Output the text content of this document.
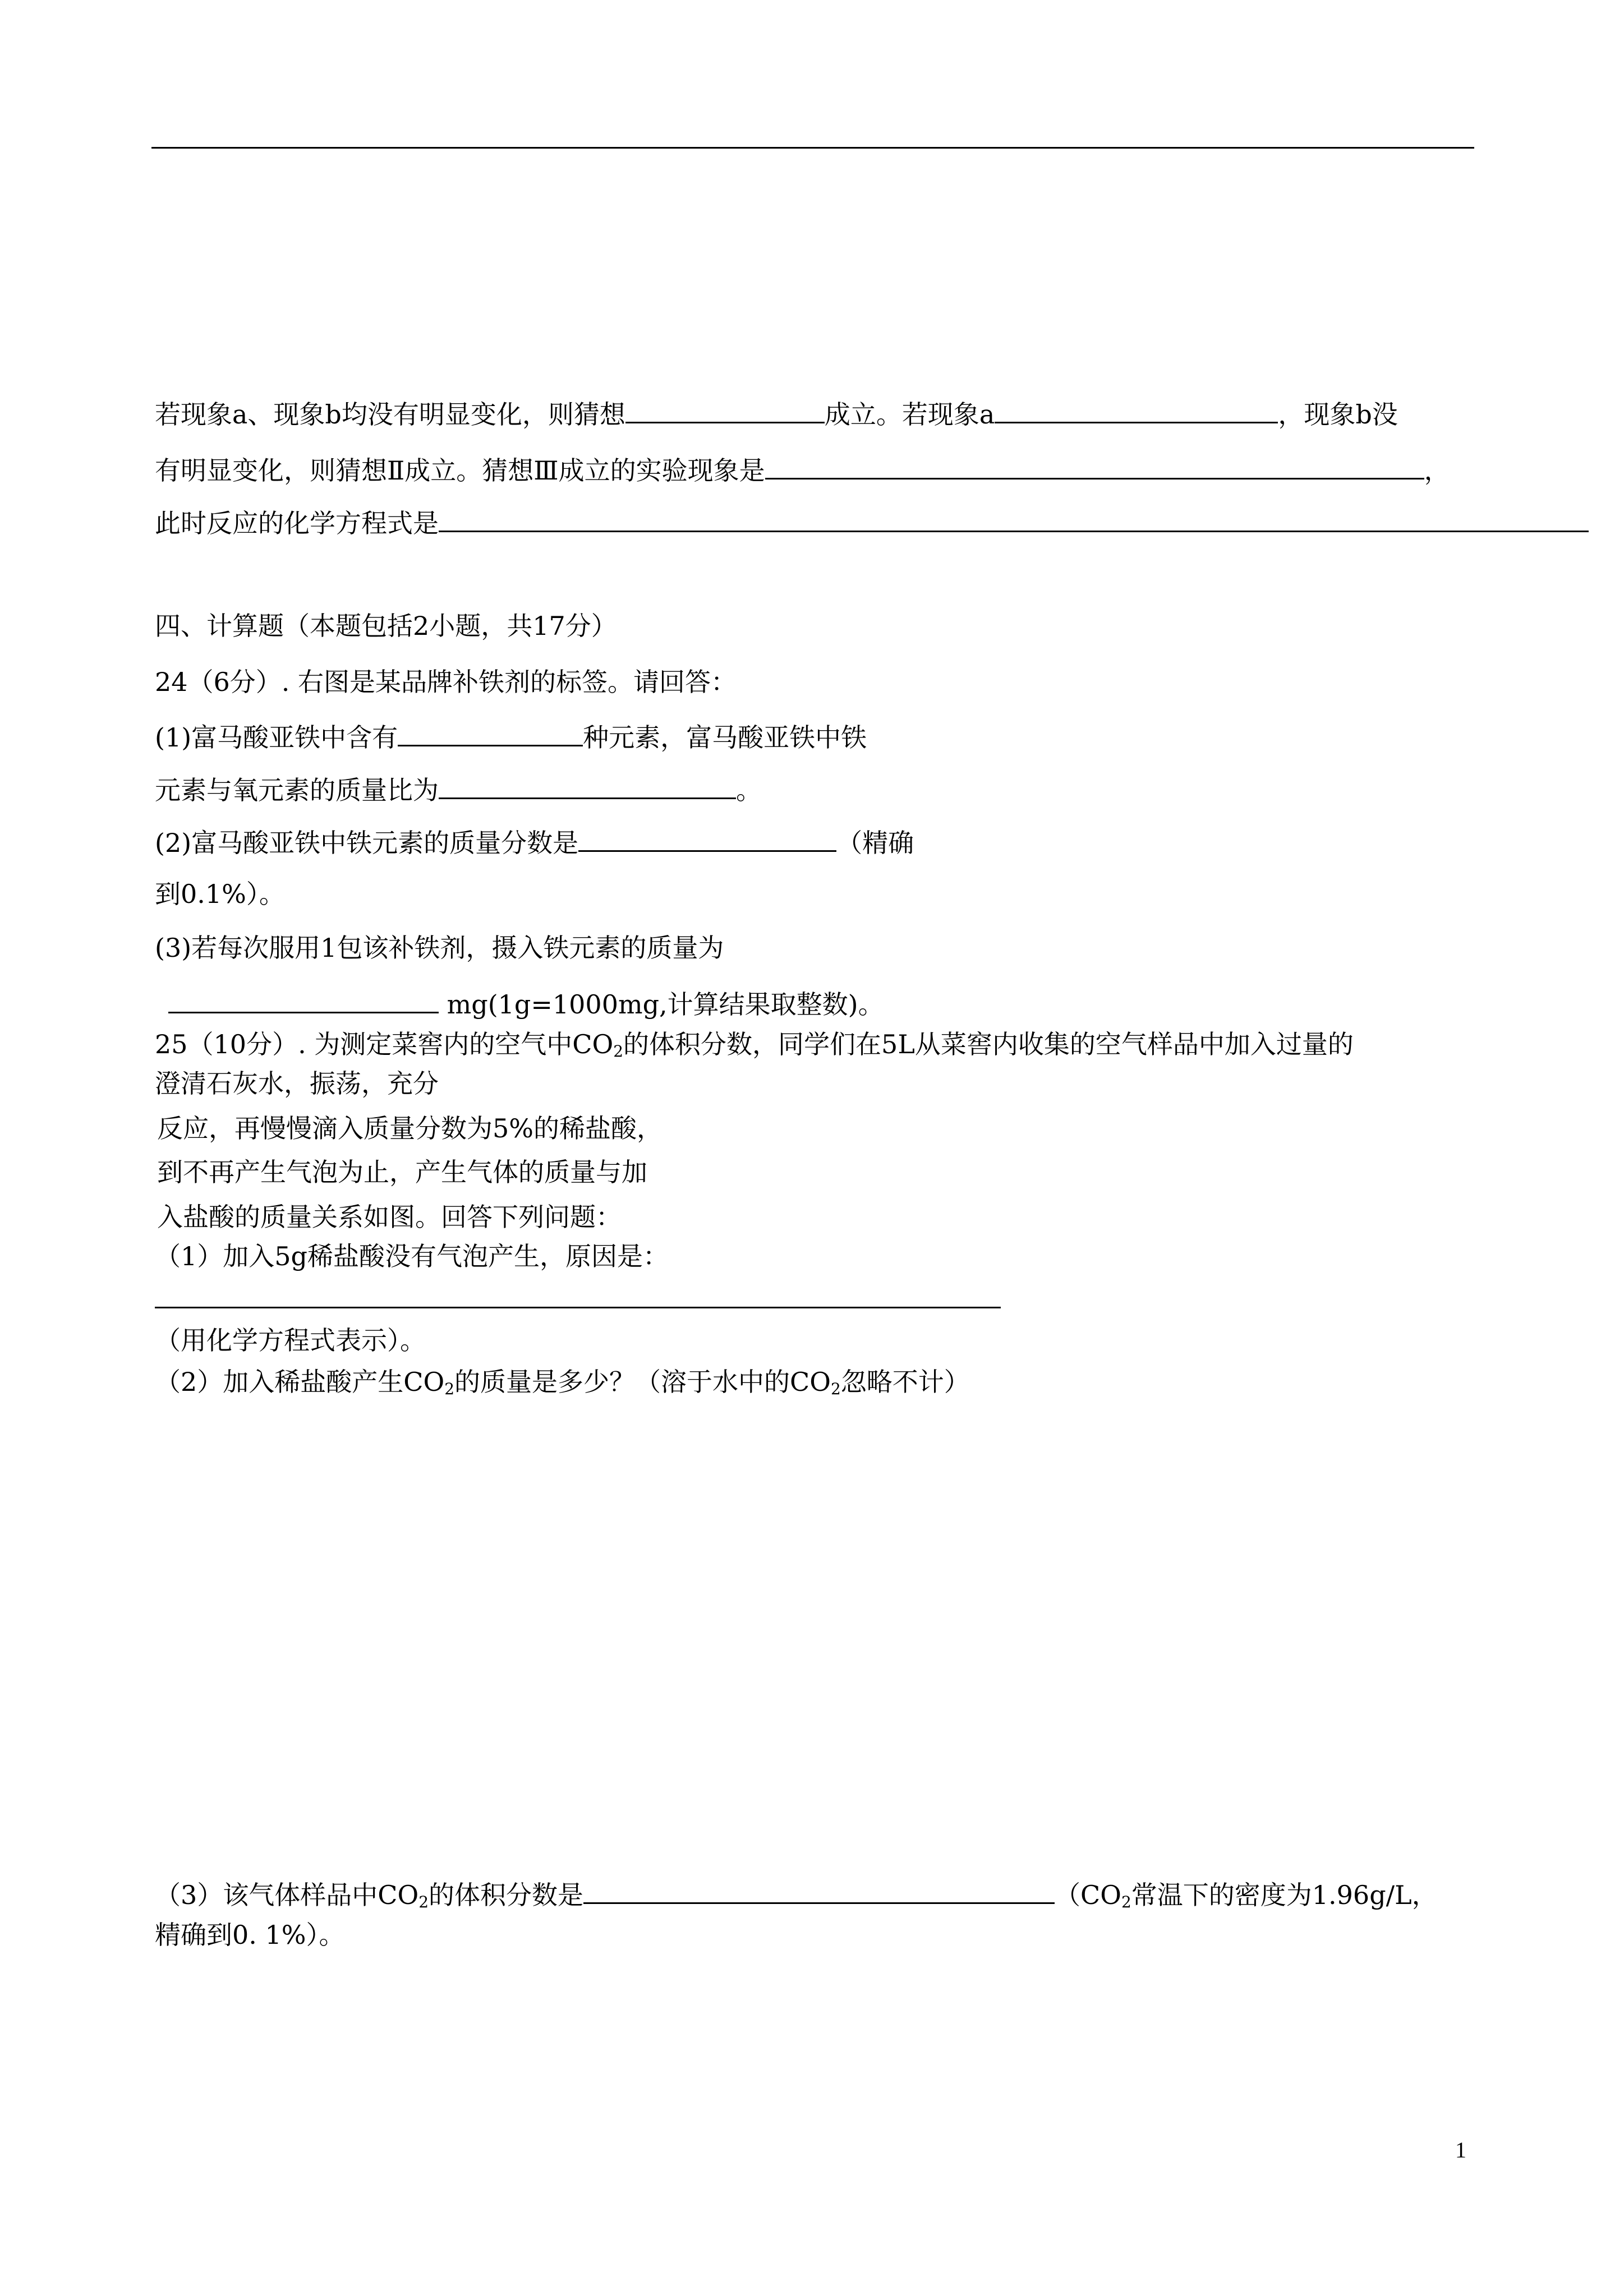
若现象a、现象b均没有明显变化，则猜想	成立。若现象a	，现象b没
有明显变化，则猜想Ⅱ成立。猜想Ⅲ成立的实验现象是	，
此时反应的化学方程式是
四、计算题（本题包括2小题，共17分）
24（6分）. 右图是某品牌补铁剂的标签。请回答：
(1)富马酸亚铁中含有	种元素，富马酸亚铁中铁
元素与氧元素的质量比为	。
(2)富马酸亚铁中铁元素的质量分数是	（精确
到0.1%）。
(3)若每次服用1包该补铁剂，摄入铁元素的质量为
mg(1g=1000mg,计算结果取整数)。
25（10分）. 为测定菜窖内的空气中$CO_2$的体积分数，同学们在5L从菜窖内收集的空气样品中加入过量的
澄清石灰水，振荡，充分
反应，再慢慢滴入质量分数为5%的稀盐酸，
到不再产生气泡为止，产生气体的质量与加
入盐酸的质量关系如图。回答下列问题：
（1）加入5g稀盐酸没有气泡产生，原因是：
（用化学方程式表示）。
（2）加入稀盐酸产生$CO_2$的质量是多少？（溶于水中的$CO_2$忽略不计）
（3）该气体样品中$CO_2$的体积分数是	（$CO_2$常温下的密度为1.96g/L，
精确到0. 1%）。
1
